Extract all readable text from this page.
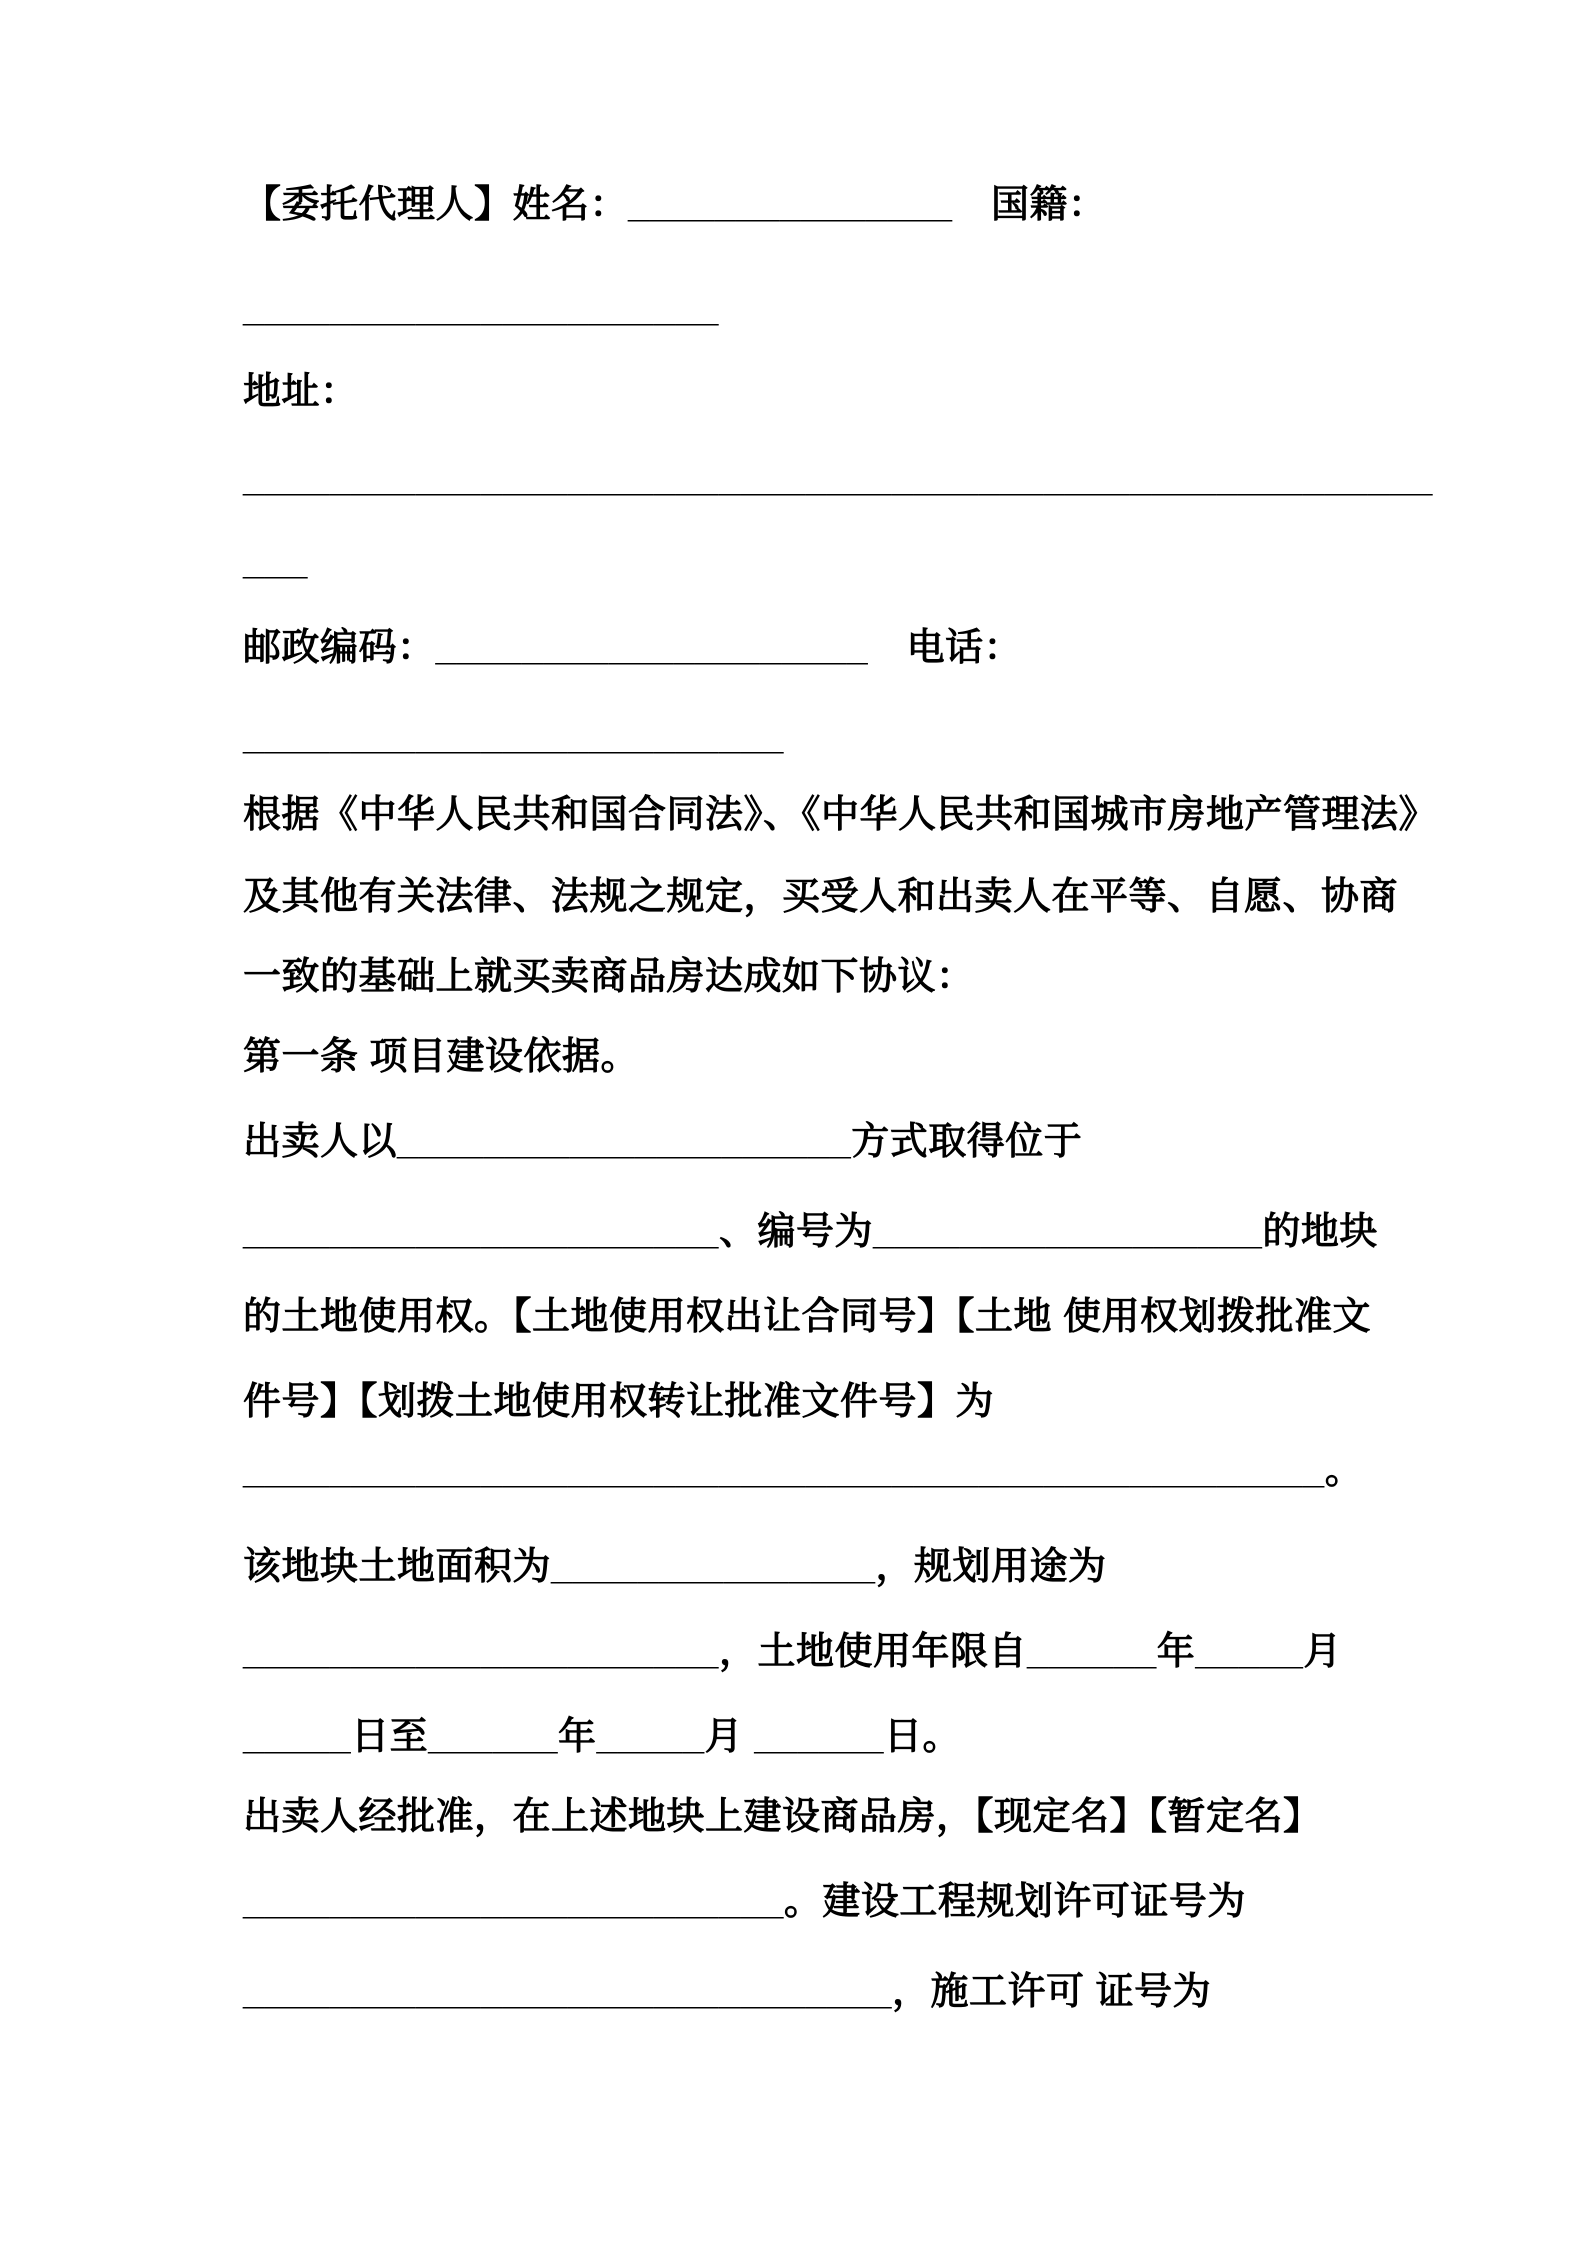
【委托代理人】姓名：_______________　国籍：
______________________
地址：
_______________________________________________________
___
邮政编码：____________________　电话：
_________________________
根据《中华人民共和国合同法》、《中华人民共和国城市房地产管理法》
及其他有关法律、法规之规定，买受人和出卖人在平等、自愿、协商
一致的基础上就买卖商品房达成如下协议：
第一条 项目建设依据。
出卖人以_____________________方式取得位于
______________________、编号为__________________的地块
的土地使用权。【土地使用权出让合同号】【土地 使用权划拨批准文
件号】【划拨土地使用权转让批准文件号】为
__________________________________________________。
该地块土地面积为_______________，规划用途为
______________________，土地使用年限自______年_____月
_____日至______年_____月 ______日。
出卖人经批准，在上述地块上建设商品房，【现定名】【暂定名】
_________________________。建设工程规划许可证号为
______________________________，施工许可 证号为
